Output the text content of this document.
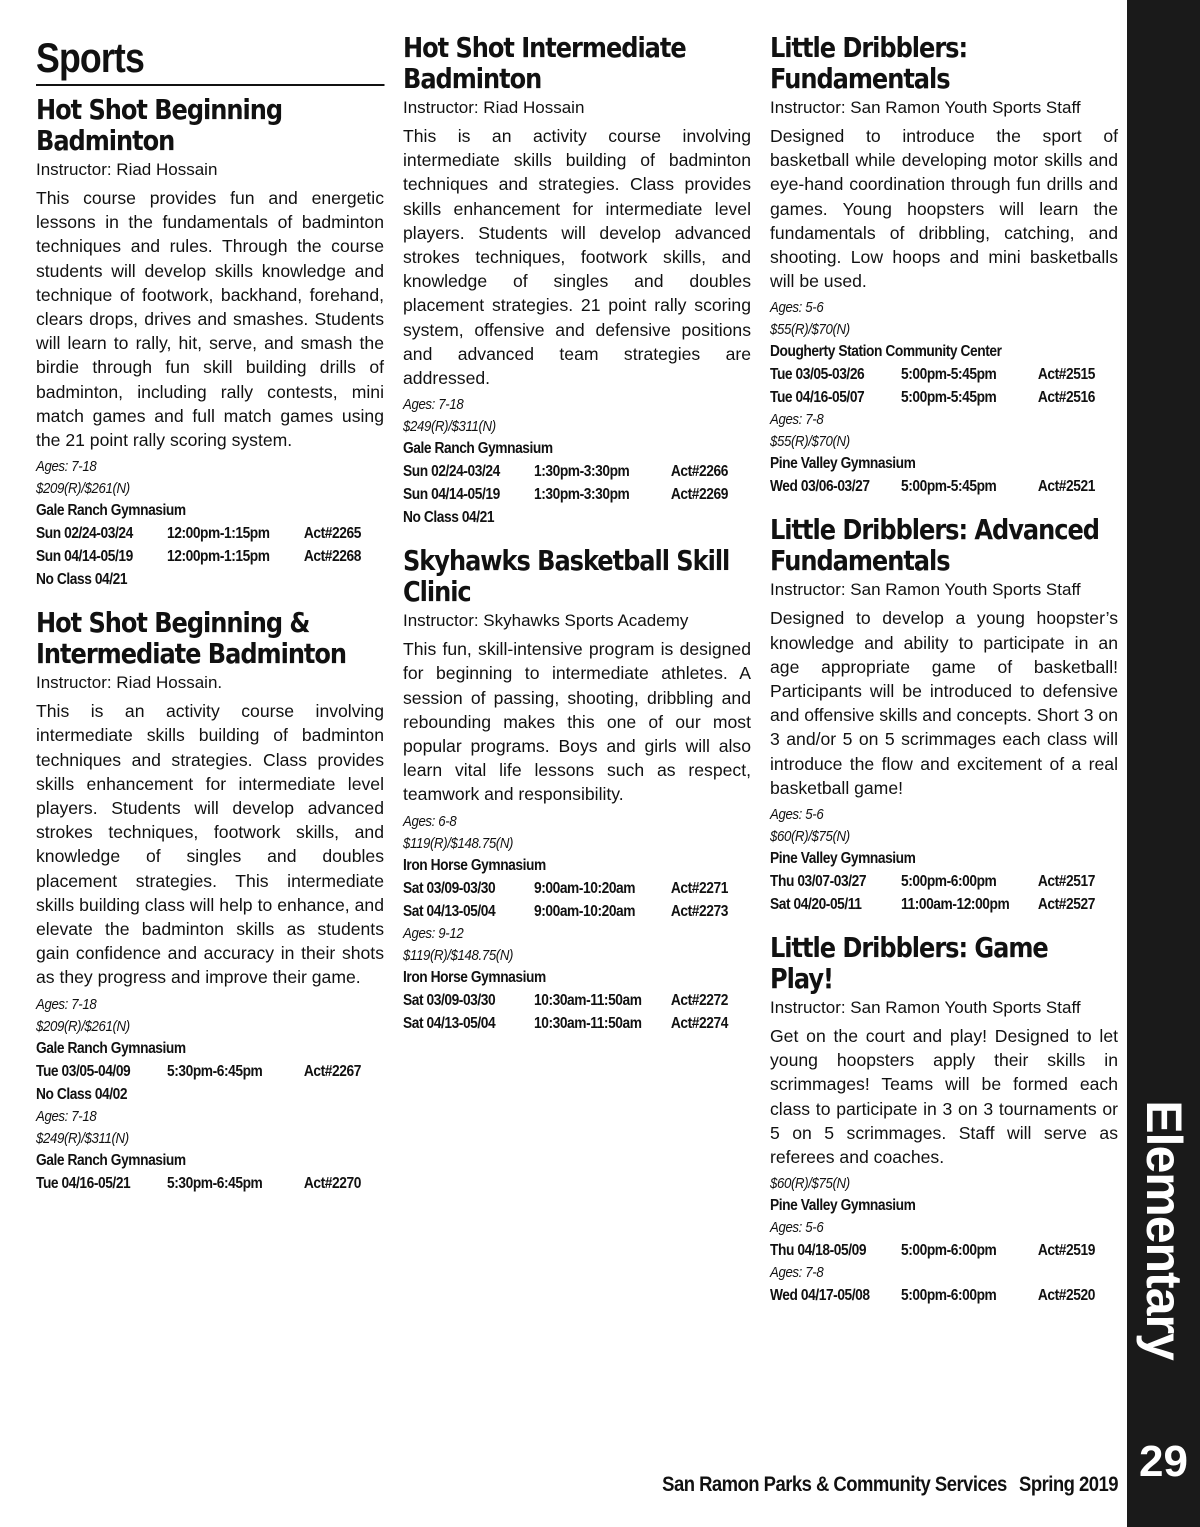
Sports
Hot Shot Beginning Badminton
Instructor: Riad Hossain
This course provides fun and energetic lessons in the fundamentals of badminton techniques and rules. Through the course students will develop skills knowledge and technique of footwork, backhand, forehand, clears drops, drives and smashes. Students will learn to rally, hit, serve, and smash the birdie through fun skill building drills of badminton, including rally contests, mini match games and full match games using the 21 point rally scoring system.
Ages: 7-18
$209(R)/$261(N)
Gale Ranch Gymnasium
Sun 02/24-03/24	12:00pm-1:15pm	Act#2265
Sun 04/14-05/19	12:00pm-1:15pm	Act#2268
No Class 04/21
Hot Shot Beginning & Intermediate Badminton
Instructor: Riad Hossain.
This is an activity course involving intermediate skills building of badminton techniques and strategies. Class provides skills enhancement for intermediate level players. Students will develop advanced strokes techniques, footwork skills, and knowledge of singles and doubles placement strategies. This intermediate skills building class will help to enhance, and elevate the badminton skills as students gain confidence and accuracy in their shots as they progress and improve their game.
Ages: 7-18
$209(R)/$261(N)
Gale Ranch Gymnasium
Tue 03/05-04/09	5:30pm-6:45pm	Act#2267
No Class 04/02
Ages: 7-18
$249(R)/$311(N)
Gale Ranch Gymnasium
Tue 04/16-05/21	5:30pm-6:45pm	Act#2270
Hot Shot Intermediate Badminton
Instructor: Riad Hossain
This is an activity course involving intermediate skills building of badminton techniques and strategies. Class provides skills enhancement for intermediate level players. Students will develop advanced strokes techniques, footwork skills, and knowledge of singles and doubles placement strategies. 21 point rally scoring system, offensive and defensive positions and advanced team strategies are addressed.
Ages: 7-18
$249(R)/$311(N)
Gale Ranch Gymnasium
Sun 02/24-03/24	1:30pm-3:30pm	Act#2266
Sun 04/14-05/19	1:30pm-3:30pm	Act#2269
No Class 04/21
Skyhawks Basketball Skill Clinic
Instructor: Skyhawks Sports Academy
This fun, skill-intensive program is designed for beginning to intermediate athletes. A session of passing, shooting, dribbling and rebounding makes this one of our most popular programs. Boys and girls will also learn vital life lessons such as respect, teamwork and responsibility.
Ages: 6-8
$119(R)/$148.75(N)
Iron Horse Gymnasium
Sat 03/09-03/30	9:00am-10:20am	Act#2271
Sat 04/13-05/04	9:00am-10:20am	Act#2273
Ages: 9-12
$119(R)/$148.75(N)
Iron Horse Gymnasium
Sat 03/09-03/30	10:30am-11:50am	Act#2272
Sat 04/13-05/04	10:30am-11:50am	Act#2274
Little Dribblers: Fundamentals
Instructor: San Ramon Youth Sports Staff
Designed to introduce the sport of basketball while developing motor skills and eye-hand coordination through fun drills and games. Young hoopsters will learn the fundamentals of dribbling, catching, and shooting. Low hoops and mini basketballs will be used.
Ages: 5-6
$55(R)/$70(N)
Dougherty Station Community Center
Tue 03/05-03/26	5:00pm-5:45pm	Act#2515
Tue 04/16-05/07	5:00pm-5:45pm	Act#2516
Ages: 7-8
$55(R)/$70(N)
Pine Valley Gymnasium
Wed 03/06-03/27	5:00pm-5:45pm	Act#2521
Little Dribblers: Advanced Fundamentals
Instructor: San Ramon Youth Sports Staff
Designed to develop a young hoopster’s knowledge and ability to participate in an age appropriate game of basketball! Participants will be introduced to defensive and offensive skills and concepts. Short 3 on 3 and/or 5 on 5 scrimmages each class will introduce the flow and excitement of a real basketball game!
Ages: 5-6
$60(R)/$75(N)
Pine Valley Gymnasium
Thu 03/07-03/27	5:00pm-6:00pm	Act#2517
Sat 04/20-05/11	11:00am-12:00pm	Act#2527
Little Dribblers: Game Play!
Instructor: San Ramon Youth Sports Staff
Get on the court and play! Designed to let young hoopsters apply their skills in scrimmages! Teams will be formed each class to participate in 3 on 3 tournaments or 5 on 5 scrimmages. Staff will serve as referees and coaches.
$60(R)/$75(N)
Pine Valley Gymnasium
Ages: 5-6
Thu 04/18-05/09	5:00pm-6:00pm	Act#2519
Ages: 7-8
Wed 04/17-05/08	5:00pm-6:00pm	Act#2520 Elementary
29
San Ramon Parks & Community Services Spring 2019
